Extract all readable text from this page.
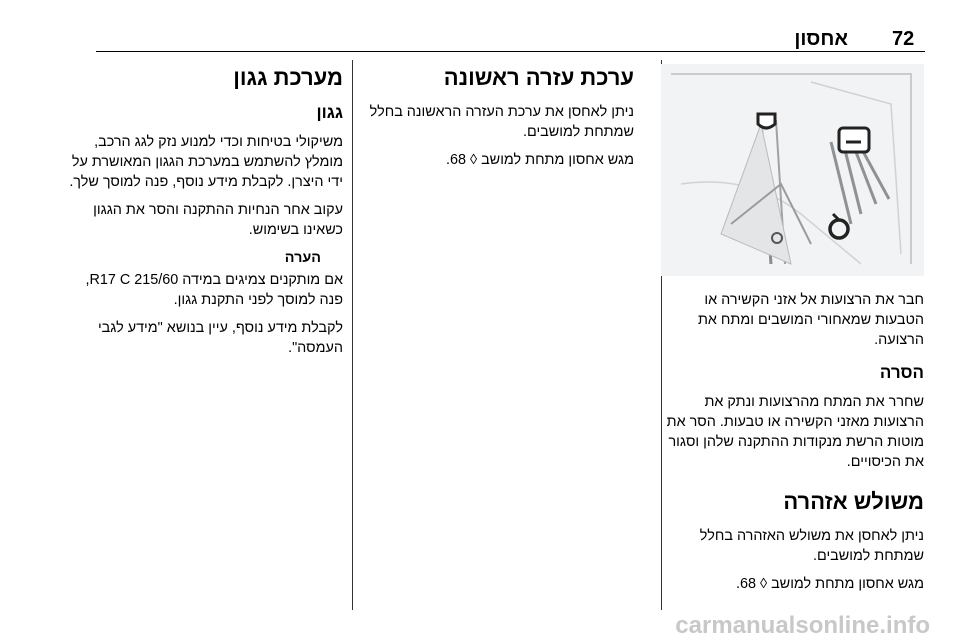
72
אחסון

חבר את הרצועות אל אזני הקשירה או הטבעות שמאחורי המושבים ומתח את הרצועה.

הסרה

שחרר את המתח מהרצועות ונתק את הרצועות מאזני הקשירה או טבעות. הסר את מוטות הרשת מנקודות ההתקנה שלהן וסגור את הכיסויים.

משולש אזהרה

ניתן לאחסן את משולש האזהרה בחלל שמתחת למושבים.

מגש אחסון מתחת למושב ◊ 68.

ערכת עזרה ראשונה

ניתן לאחסן את ערכת העזרה הראשונה בחלל שמתחת למושבים.

מגש אחסון מתחת למושב ◊ 68.

מערכת גגון
גגון

משיקולי בטיחות וכדי למנוע נזק לגג הרכב, מומלץ להשתמש במערכת הגגון המאושרת על ידי היצרן. לקבלת מידע נוסף, פנה למוסך שלך.

עקוב אחר הנחיות ההתקנה והסר את הגגון כשאינו בשימוש.

הערה

אם מותקנים צמיגים במידה 215/60 R17 C, פנה למוסך לפני התקנת גגון.

לקבלת מידע נוסף, עיין בנושא "מידע לגבי העמסה".

carmanualsonline.info
